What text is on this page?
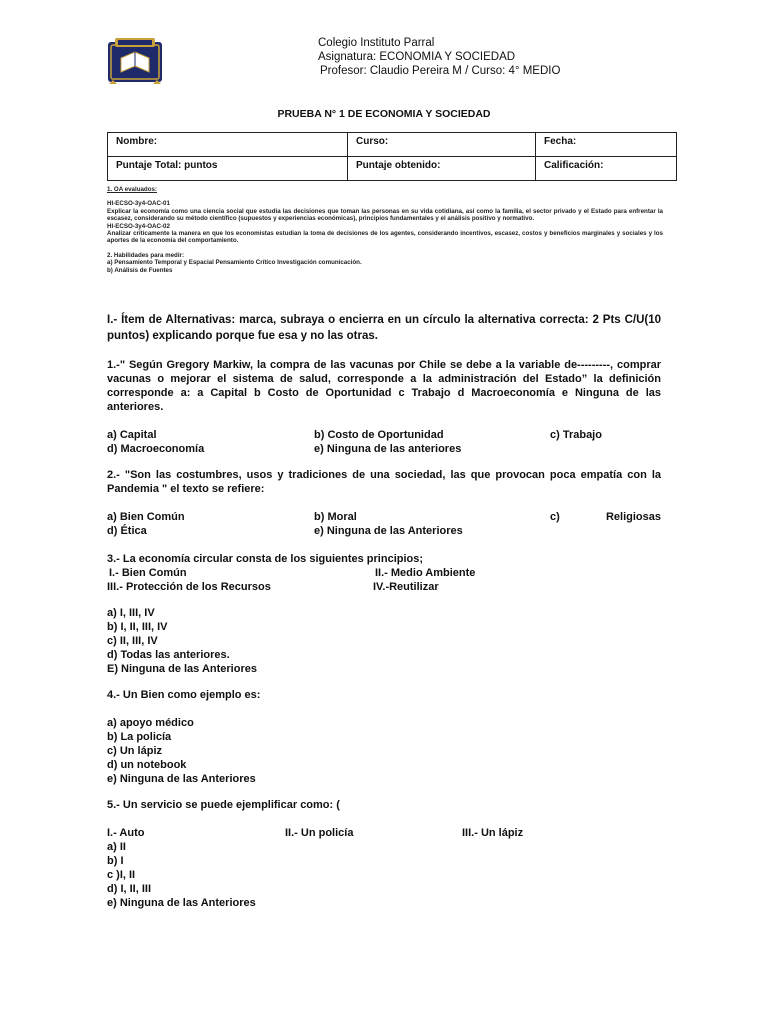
Colegio Instituto Parral
Asignatura: ECONOMIA Y SOCIEDAD
Profesor: Claudio Pereira M / Curso: 4° MEDIO
PRUEBA N° 1 DE ECONOMIA Y SOCIEDAD
Nombre:	Curso:	Fecha:
Puntaje Total: puntos	Puntaje obtenido:	Calificación:
1. OA evaluados:
HI-ECSO-3y4-OAC-01
Explicar la economía como una ciencia social que estudia las decisiones que toman las personas en su vida cotidiana, así como la familia, el sector privado y el Estado para enfrentar la escasez, considerando su método científico (supuestos y experiencias económicas), principios fundamentales y el análisis positivo y normativo.
HI-ECSO-3y4-OAC-02
Analizar críticamente la manera en que los economistas estudian la toma de decisiones de los agentes, considerando incentivos, escasez, costos y beneficios marginales y sociales y los aportes de la economía del comportamiento.
2. Habilidades para medir:
a) Pensamiento Temporal y Espacial Pensamiento Crítico Investigación comunicación.
b) Análisis de Fuentes
I.- Ítem de Alternativas: marca, subraya o encierra en un círculo la alternativa correcta: 2 Pts C/U(10 puntos) explicando porque fue esa y no las otras.
1.-" Según Gregory Markiw, la compra de las vacunas por Chile se debe a la variable de---------, comprar vacunas o mejorar el sistema de salud, corresponde a la administración del Estado” la definición corresponde a: a Capital b Costo de Oportunidad c Trabajo d Macroeconomía e Ninguna de las anteriores.
a) Capital	b) Costo de Oportunidad	c) Trabajo
d) Macroeconomía	e) Ninguna de las anteriores
2.- "Son las costumbres, usos y tradiciones de una sociedad, las que provocan poca empatía con la Pandemia " el texto se refiere:
a) Bien Común	b) Moral	c)	Religiosas
d) Ética	e) Ninguna de las Anteriores
3.- La economía circular consta de los siguientes principios;
I.- Bien Común	II.- Medio Ambiente
III.- Protección de los Recursos	IV.-Reutilizar
a) I, III, IV
b) I, II, III, IV
c) II, III, IV
d) Todas las anteriores.
E) Ninguna de las Anteriores
4.- Un Bien como ejemplo es:
a) apoyo médico
b) La policía
c) Un lápiz
d) un notebook
e) Ninguna de las Anteriores
5.- Un servicio se puede ejemplificar como: (
I.- Auto	II.- Un policía	III.- Un lápiz
a) II
b) I
c )I, II
d) I, II, III
e) Ninguna de las Anteriores
